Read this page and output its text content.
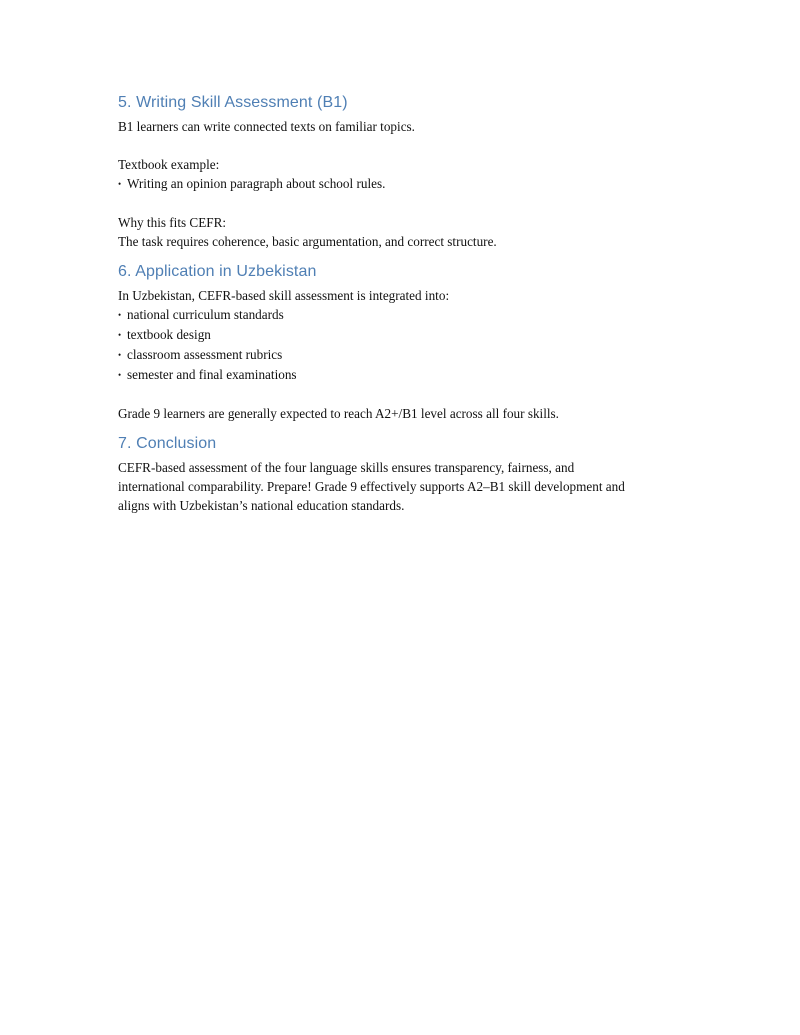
5. Writing Skill Assessment (B1)

B1 learners can write connected texts on familiar topics.

Textbook example:

• Writing an opinion paragraph about school rules.

Why this fits CEFR:

The task requires coherence, basic argumentation, and correct structure.

6. Application in Uzbekistan

In Uzbekistan, CEFR-based skill assessment is integrated into:

• national curriculum standards
• textbook design
• classroom assessment rubrics
• semester and final examinations

Grade 9 learners are generally expected to reach A2+/B1 level across all four skills.

7. Conclusion

CEFR-based assessment of the four language skills ensures transparency, fairness, and

international comparability. Prepare! Grade 9 effectively supports A2–B1 skill development and

aligns with Uzbekistan’s national education standards.
